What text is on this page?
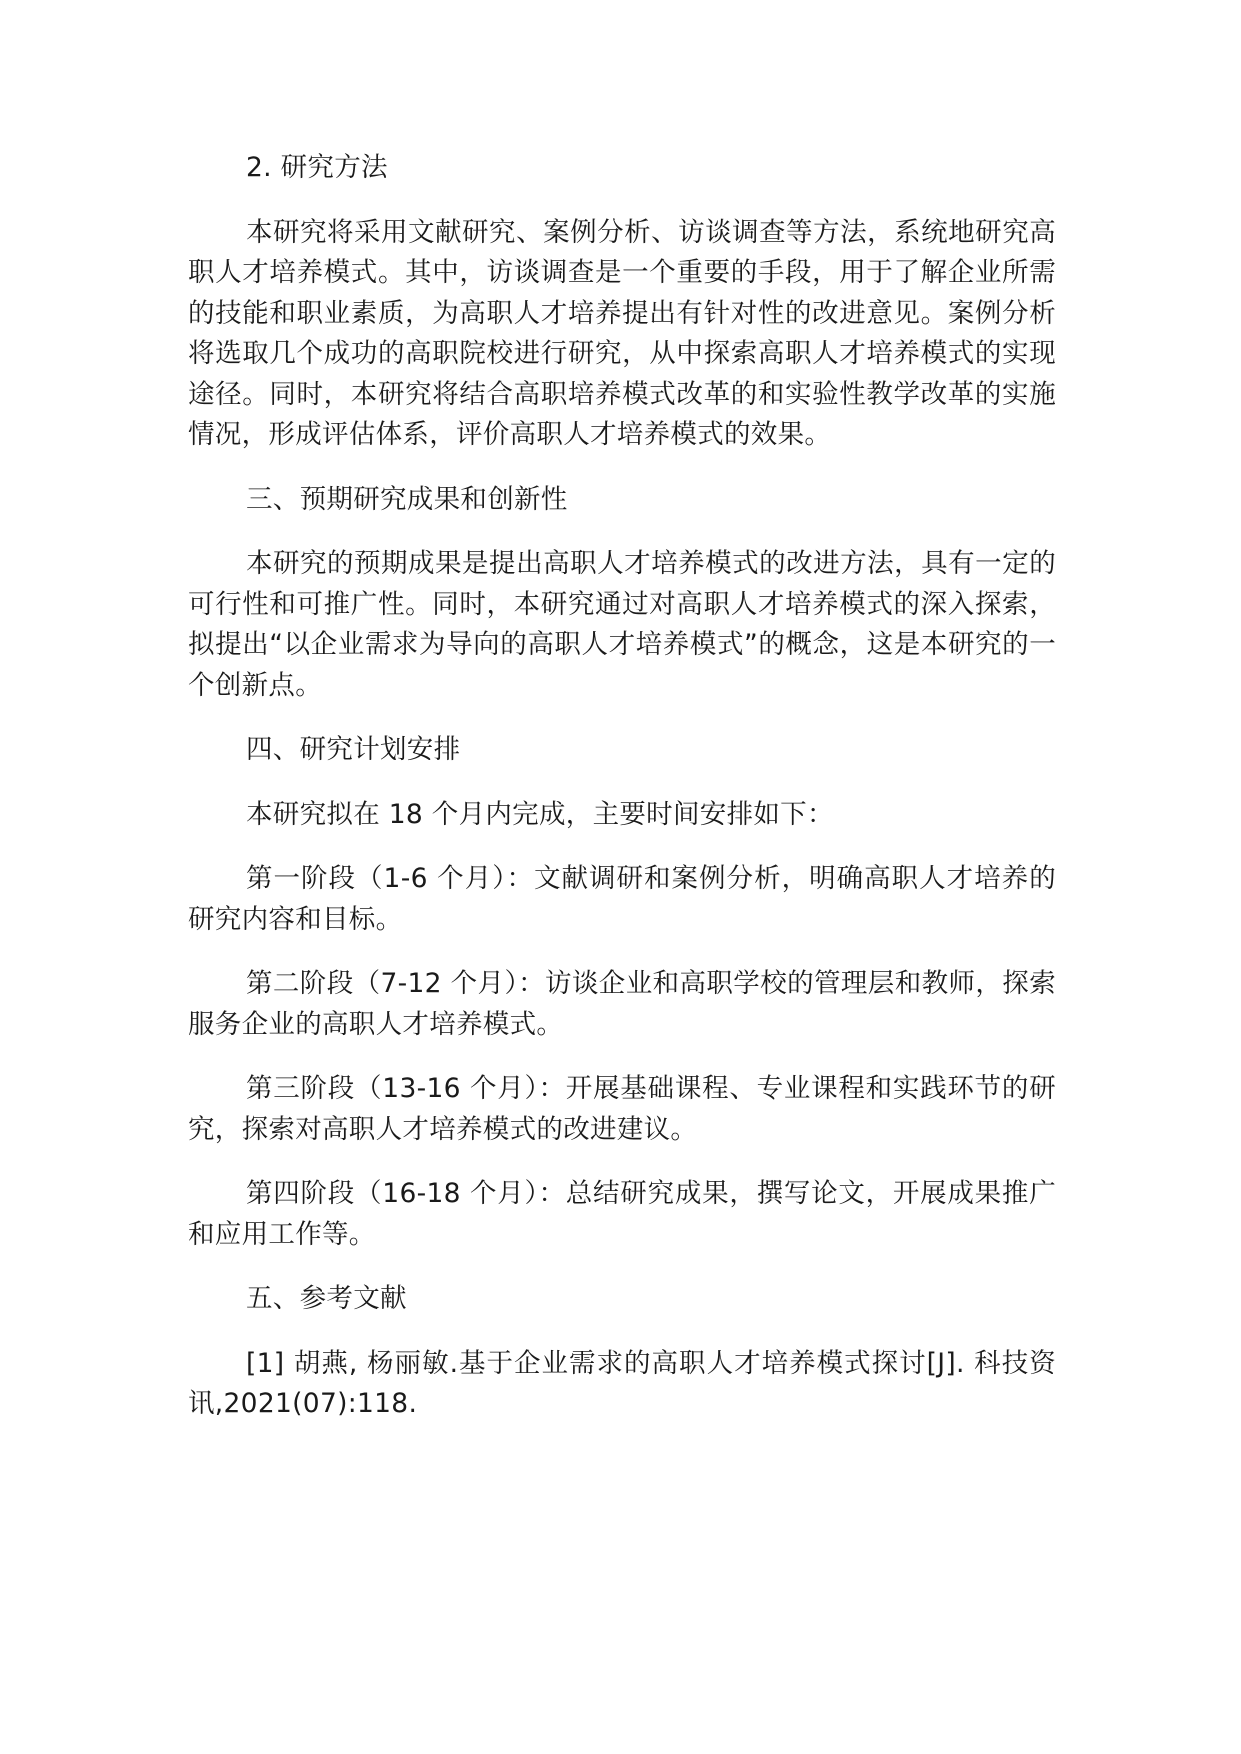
2. 研究方法

本研究将采用文献研究、案例分析、访谈调查等方法，系统地研究高职人才培养模式。其中，访谈调查是一个重要的手段，用于了解企业所需的技能和职业素质，为高职人才培养提出有针对性的改进意见。案例分析将选取几个成功的高职院校进行研究，从中探索高职人才培养模式的实现途径。同时，本研究将结合高职培养模式改革的和实验性教学改革的实施情况，形成评估体系，评价高职人才培养模式的效果。

三、预期研究成果和创新性

本研究的预期成果是提出高职人才培养模式的改进方法，具有一定的可行性和可推广性。同时，本研究通过对高职人才培养模式的深入探索，拟提出“以企业需求为导向的高职人才培养模式”的概念，这是本研究的一个创新点。

四、研究计划安排

本研究拟在 18 个月内完成，主要时间安排如下：

第一阶段（1-6 个月）：文献调研和案例分析，明确高职人才培养的研究内容和目标。

第二阶段（7-12 个月）：访谈企业和高职学校的管理层和教师，探索服务企业的高职人才培养模式。

第三阶段（13-16 个月）：开展基础课程、专业课程和实践环节的研究，探索对高职人才培养模式的改进建议。

第四阶段（16-18 个月）：总结研究成果，撰写论文，开展成果推广和应用工作等。

五、参考文献

[1] 胡燕, 杨丽敏.基于企业需求的高职人才培养模式探讨[J]. 科技资讯,2021(07):118.
